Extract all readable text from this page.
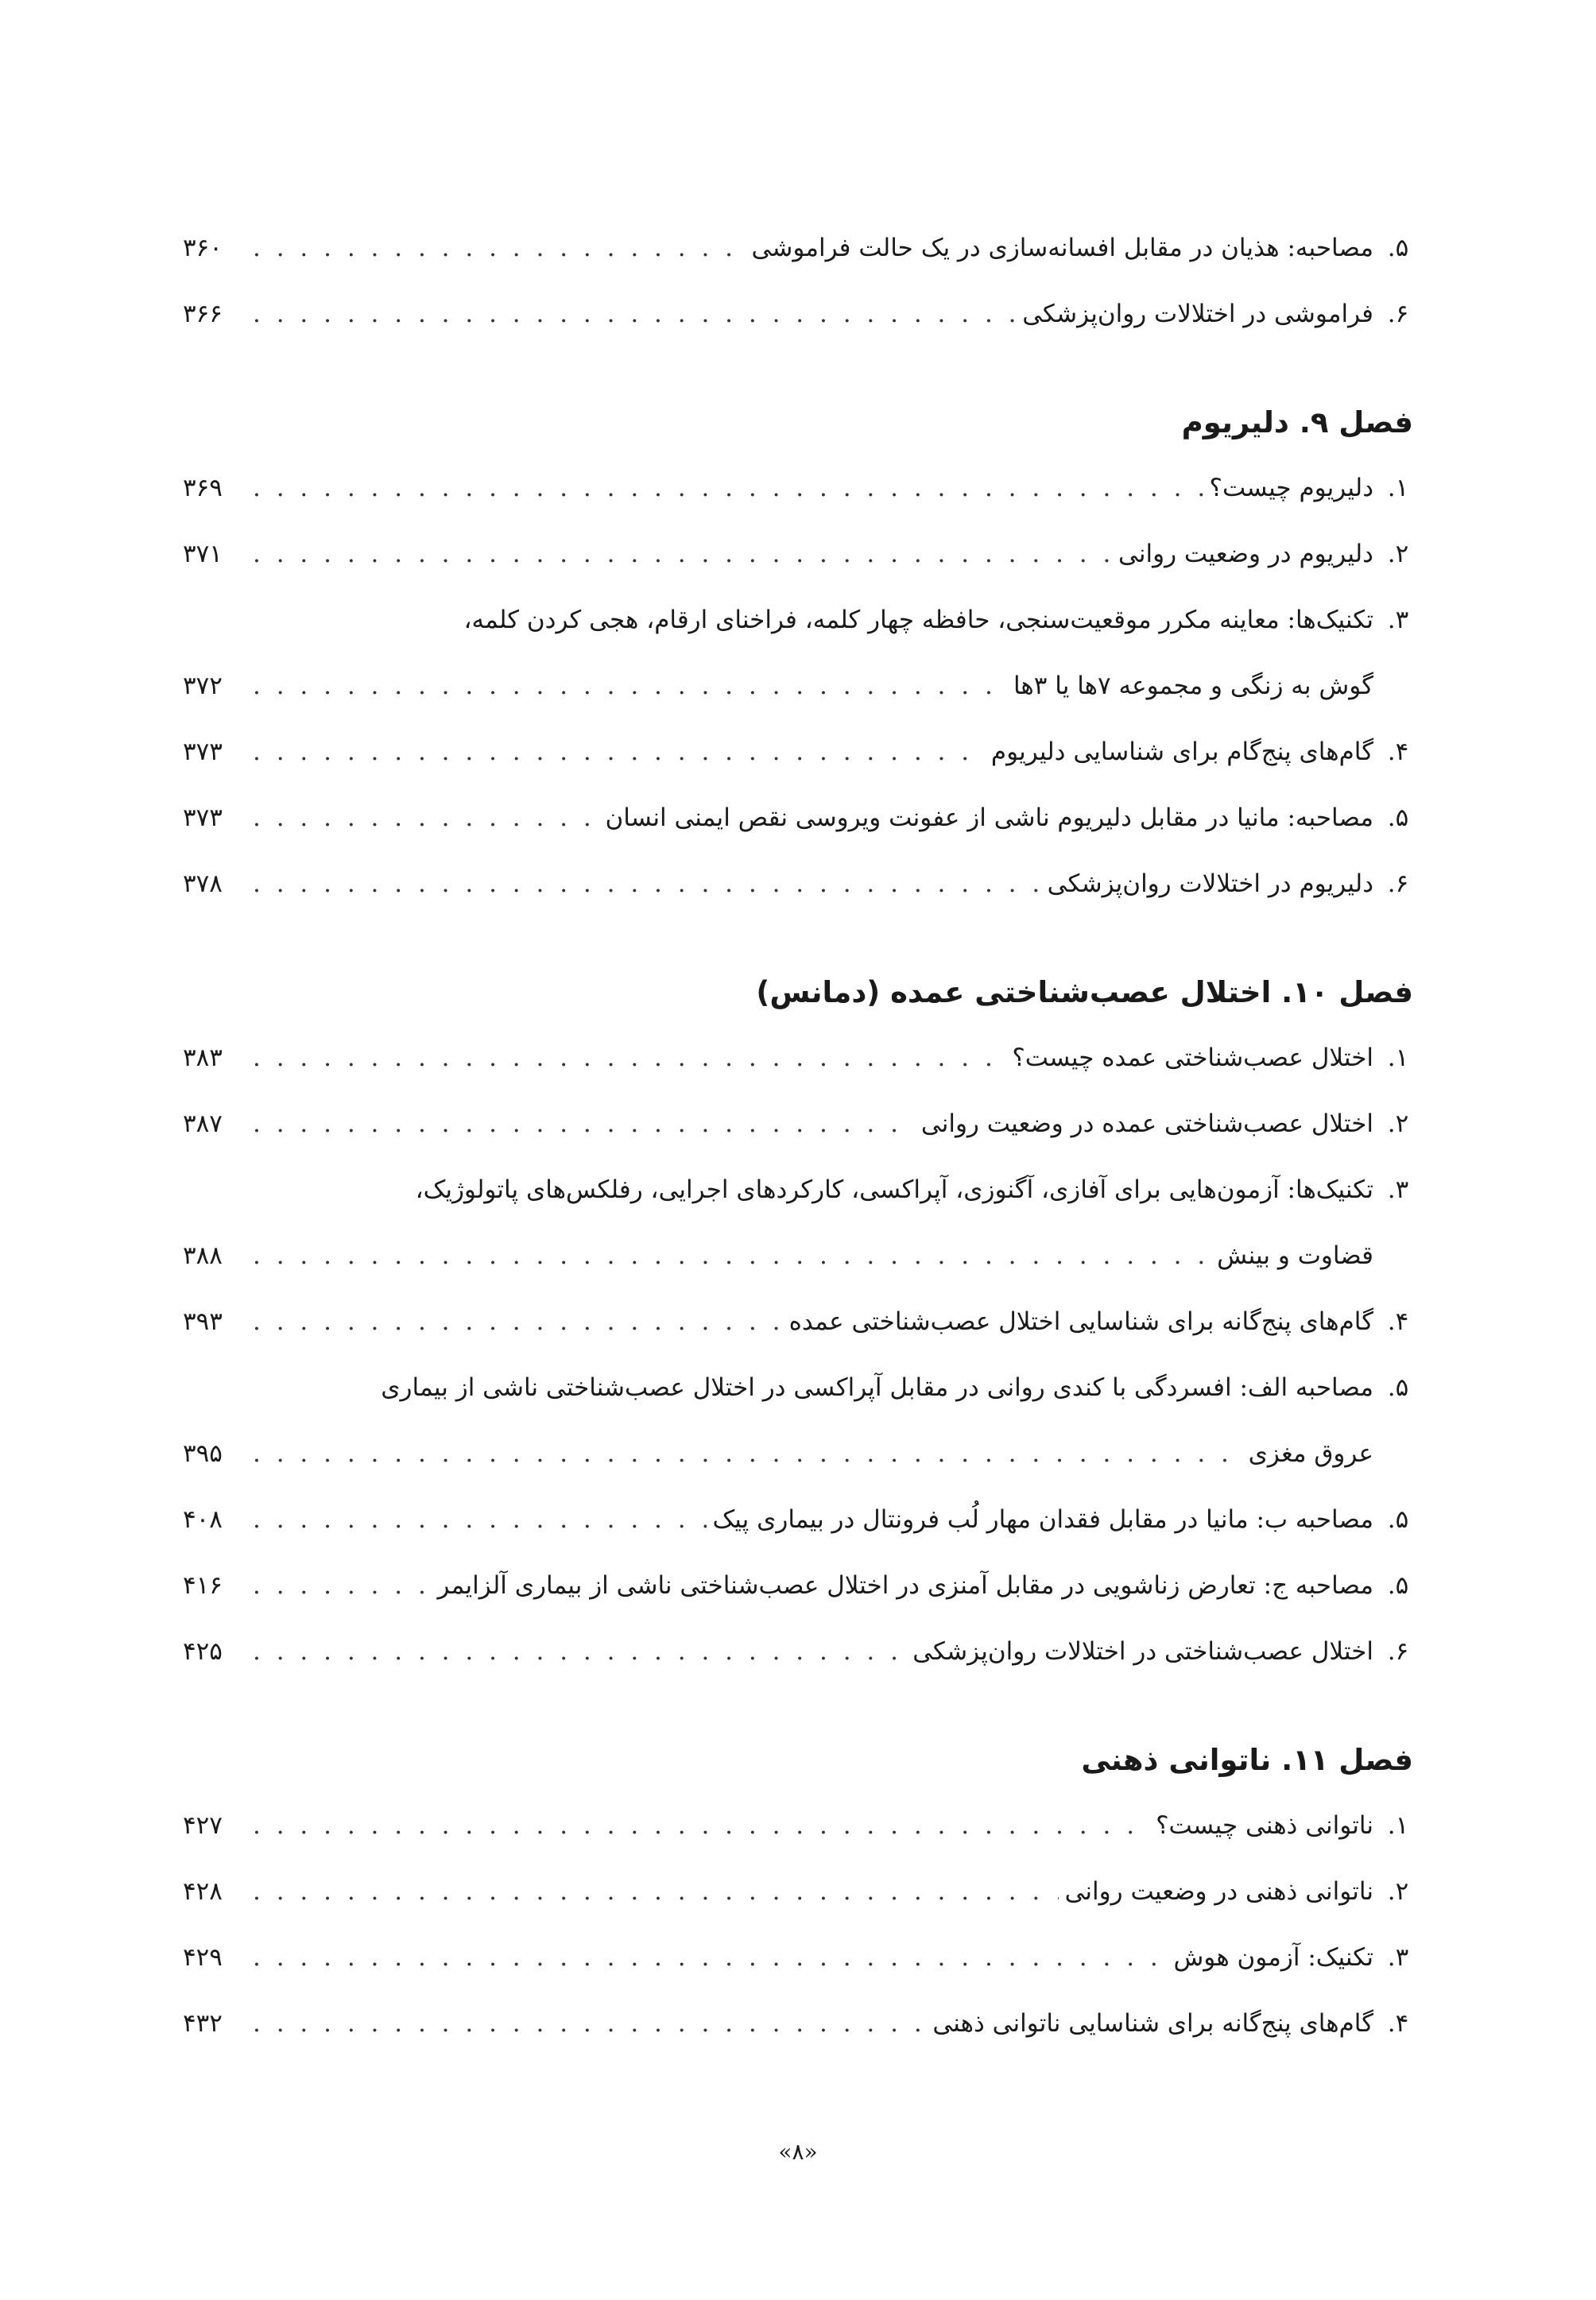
۵.
مصاحبه: هذیان در مقابل افسانه‌سازی در یک حالت فراموشی
. . .
۳۶۰
۶.
فراموشی در اختلالات روان‌پزشکی
. . .
۳۶۶
فصل ۹. دلیریوم
۱.
دلیریوم چیست؟
. . .
۳۶۹
۲.
دلیریوم در وضعیت روانی
. . .
۳۷۱
۳.
تکنیک‌ها: معاینه مکرر موقعیت‌سنجی، حافظه چهار کلمه، فراخنای ارقام، هجی کردن کلمه،
گوش به زنگی و مجموعه ۷ها یا ۳ها
. . .
۳۷۲
۴.
گام‌های پنج‌گام برای شناسایی دلیریوم
. . .
۳۷۳
۵.
مصاحبه: مانیا در مقابل دلیریوم ناشی از عفونت ویروسی نقص ایمنی انسان
. . .
۳۷۳
۶.
دلیریوم در اختلالات روان‌پزشکی
. . .
۳۷۸
فصل ۱۰. اختلال عصب‌شناختی عمده (دمانس)
۱.
اختلال عصب‌شناختی عمده چیست؟
. . .
۳۸۳
۲.
اختلال عصب‌شناختی عمده در وضعیت روانی
. . .
۳۸۷
۳.
تکنیک‌ها: آزمون‌هایی برای آفازی، آگنوزی، آپراکسی، کارکردهای اجرایی، رفلکس‌های پاتولوژیک،
قضاوت و بینش
. . .
۳۸۸
۴.
گام‌های پنج‌گانه برای شناسایی اختلال عصب‌شناختی عمده
. . .
۳۹۳
۵.
مصاحبه الف: افسردگی با کندی روانی در مقابل آپراکسی در اختلال عصب‌شناختی ناشی از بیماری
عروق مغزی
. . .
۳۹۵
۵.
مصاحبه ب: مانیا در مقابل فقدان مهار لُب فرونتال در بیماری پیک
. . .
۴۰۸
۵.
مصاحبه ج: تعارض زناشویی در مقابل آمنزی در اختلال عصب‌شناختی ناشی از بیماری آلزایمر
. . .
۴۱۶
۶.
اختلال عصب‌شناختی در اختلالات روان‌پزشکی
. . .
۴۲۵
فصل ۱۱. ناتوانی ذهنی
۱.
ناتوانی ذهنی چیست؟
. . .
۴۲۷
۲.
ناتوانی ذهنی در وضعیت روانی
. . .
۴۲۸
۳.
تکنیک: آزمون هوش
. . .
۴۲۹
۴.
گام‌های پنج‌گانه برای شناسایی ناتوانی ذهنی
. . .
۴۳۲
«۸»
